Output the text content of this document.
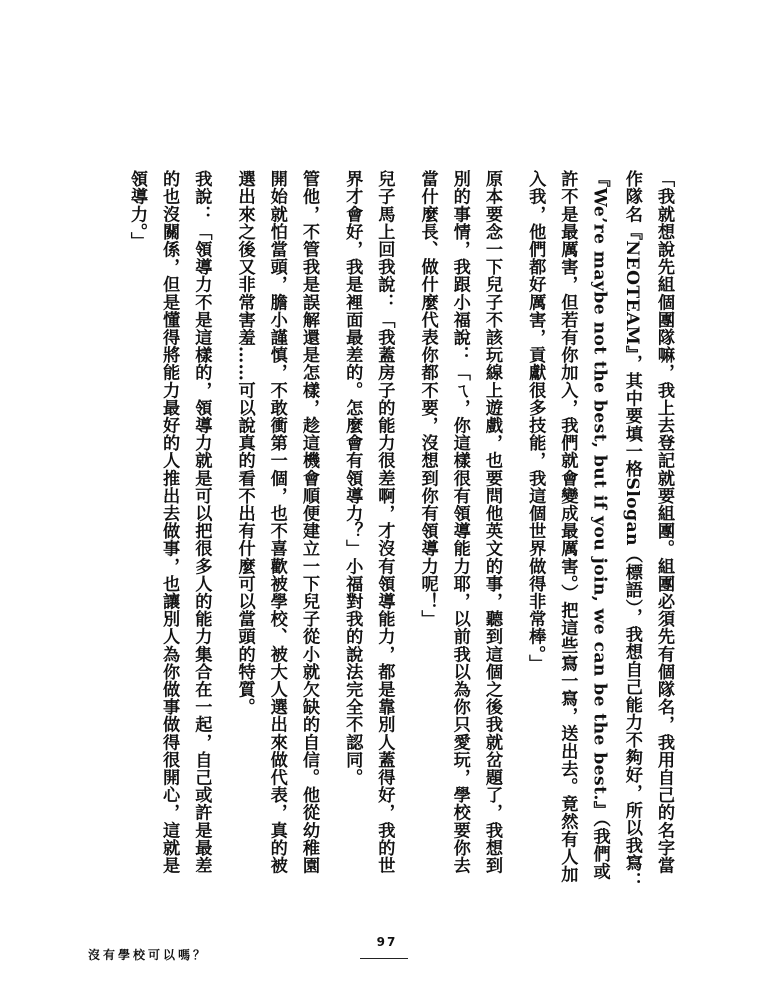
「我就想說先組個團隊嘛，我上去登記就要組團。組團必須先有個隊名，我用自己的名字當作隊名『NEOTEAM』，其中要填一格Slogan（標語），我想自己能力不夠好，所以我寫：『We’re maybe not the best, but if you join, we can be the best.』（我們或許不是最厲害，但若有你加入，我們就會變成最厲害。）把這些寫一寫，送出去。竟然有人加入我，他們都好厲害，貢獻很多技能，我這個世界做得非常棒。」

原本要念一下兒子不該玩線上遊戲，也要問他英文的事，聽到這個之後我就岔題了，我想到別的事情，我跟小福說：「ㄟ，你這樣很有領導能力耶，以前我以為你只愛玩，學校要你去當什麼長、做什麼代表你都不要，沒想到你有領導力呢！」

兒子馬上回我說：「我蓋房子的能力很差啊，才沒有領導能力，都是靠別人蓋得好，我的世界才會好，我是裡面最差的。怎麼會有領導力？」小福對我的說法完全不認同。

管他，不管我是誤解還是怎樣，趁這機會順便建立一下兒子從小就欠缺的自信。他從幼稚園開始就怕當頭，膽小謹慎，不敢衝第一個，也不喜歡被學校、被大人選出來做代表，真的被選出來之後又非常害羞……可以說真的看不出有什麼可以當頭的特質。

我說：「領導力不是這樣的，領導力就是可以把很多人的能力集合在一起，自己或許是最差的也沒關係，但是懂得將能力最好的人推出去做事，也讓別人為你做事做得很開心，這就是領導力。」

97
沒有學校可以嗎？
